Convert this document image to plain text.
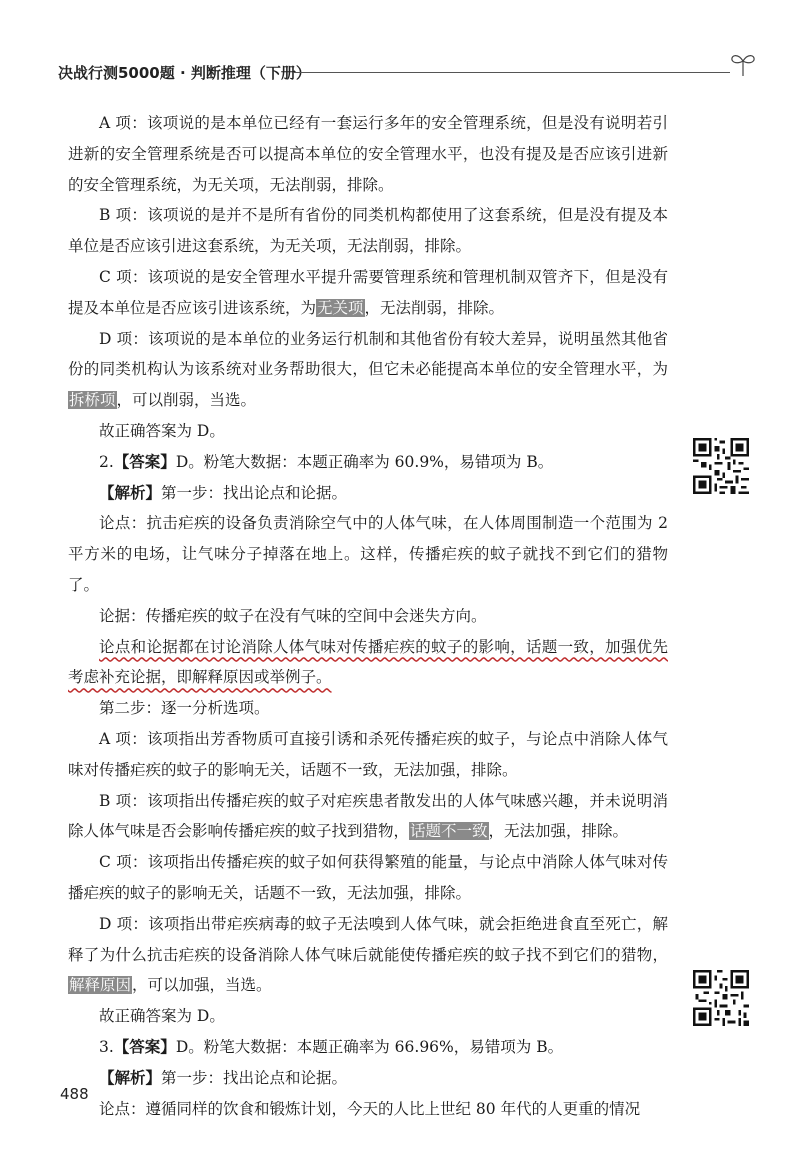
决战行测5000题 · 判断推理（下册）

A 项：该项说的是本单位已经有一套运行多年的安全管理系统，但是没有说明若引进新的安全管理系统是否可以提高本单位的安全管理水平，也没有提及是否应该引进新的安全管理系统，为无关项，无法削弱，排除。

B 项：该项说的是并不是所有省份的同类机构都使用了这套系统，但是没有提及本单位是否应该引进这套系统，为无关项，无法削弱，排除。

C 项：该项说的是安全管理水平提升需要管理系统和管理机制双管齐下，但是没有提及本单位是否应该引进该系统，为无关项，无法削弱，排除。

D 项：该项说的是本单位的业务运行机制和其他省份有较大差异，说明虽然其他省份的同类机构认为该系统对业务帮助很大，但它未必能提高本单位的安全管理水平，为拆桥项，可以削弱，当选。

故正确答案为 D。

2.【答案】D。粉笔大数据：本题正确率为 60.9%，易错项为 B。

【解析】第一步：找出论点和论据。

论点：抗击疟疾的设备负责消除空气中的人体气味，在人体周围制造一个范围为 2 平方米的电场，让气味分子掉落在地上。这样，传播疟疾的蚊子就找不到它们的猎物了。

论据：传播疟疾的蚊子在没有气味的空间中会迷失方向。

论点和论据都在讨论消除人体气味对传播疟疾的蚊子的影响，话题一致，加强优先考虑补充论据，即解释原因或举例子。

第二步：逐一分析选项。

A 项：该项指出芳香物质可直接引诱和杀死传播疟疾的蚊子，与论点中消除人体气味对传播疟疾的蚊子的影响无关，话题不一致，无法加强，排除。

B 项：该项指出传播疟疾的蚊子对疟疾患者散发出的人体气味感兴趣，并未说明消除人体气味是否会影响传播疟疾的蚊子找到猎物，话题不一致，无法加强，排除。

C 项：该项指出传播疟疾的蚊子如何获得繁殖的能量，与论点中消除人体气味对传播疟疾的蚊子的影响无关，话题不一致，无法加强，排除。

D 项：该项指出带疟疾病毒的蚊子无法嗅到人体气味，就会拒绝进食直至死亡，解释了为什么抗击疟疾的设备消除人体气味后就能使传播疟疾的蚊子找不到它们的猎物，解释原因，可以加强，当选。

故正确答案为 D。

3.【答案】D。粉笔大数据：本题正确率为 66.96%，易错项为 B。

【解析】第一步：找出论点和论据。

论点：遵循同样的饮食和锻炼计划，今天的人比上世纪 80 年代的人更重的情况

488
